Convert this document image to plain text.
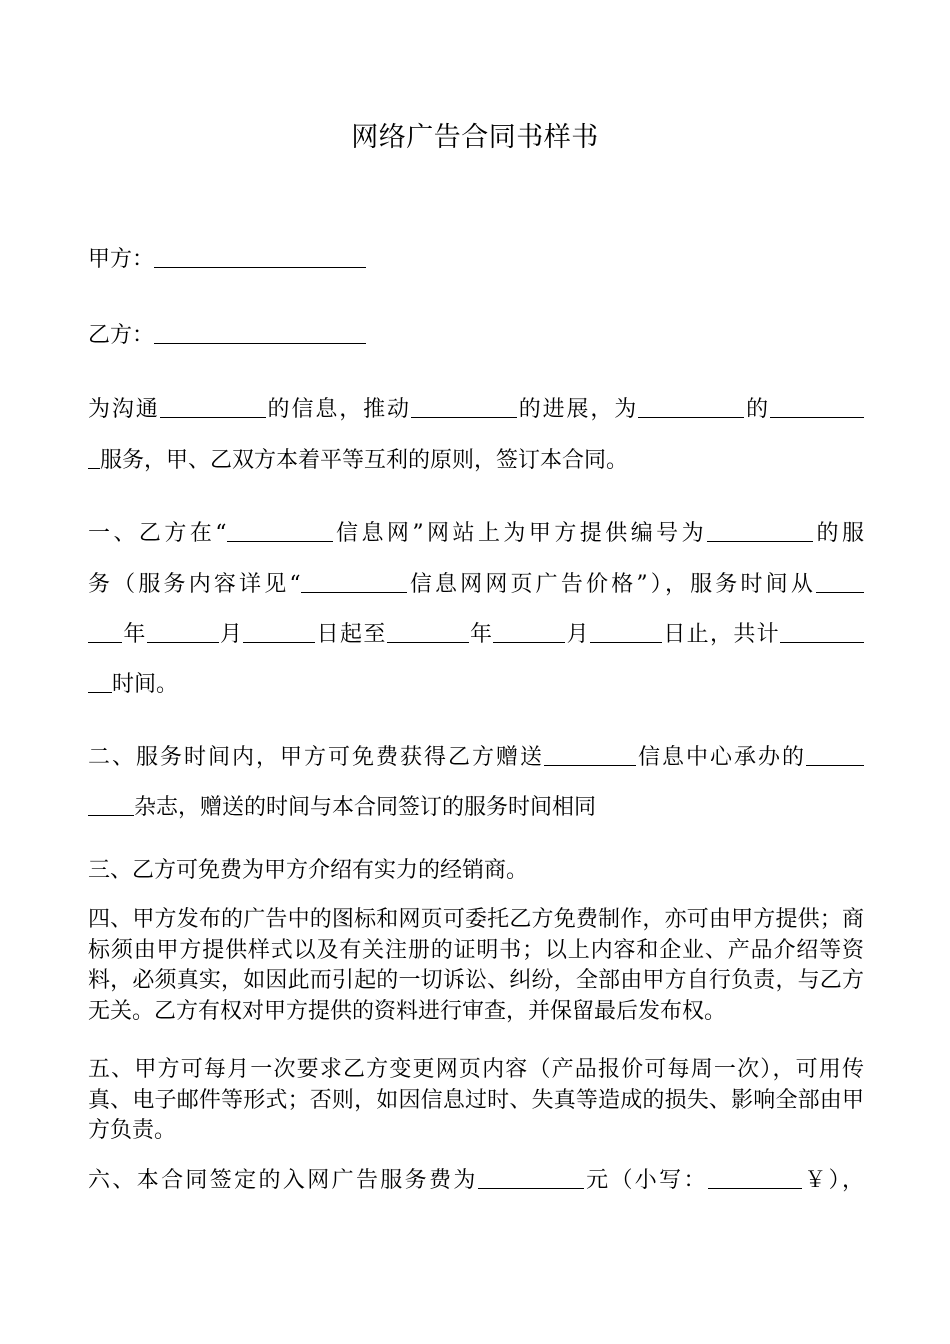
网络广告合同书样书
甲方：
乙方：
为沟通	的信息，推动	的进展，为	的
服务，甲、乙双方本着平等互利的原则，签订本合同。
一、乙方在“	信息网”网站上为甲方提供编号为	的服
务（服务内容详见“	信息网网页广告价格”），服务时间从
年	月	日起至	年	月	日止，共计
时间。
二、服务时间内，甲方可免费获得乙方赠送	信息中心承办的
杂志，赠送的时间与本合同签订的服务时间相同
三、乙方可免费为甲方介绍有实力的经销商。
四、甲方发布的广告中的图标和网页可委托乙方免费制作，亦可由甲方提供；商标须由甲方提供样式以及有关注册的证明书；以上内容和企业、产品介绍等资料，必须真实，如因此而引起的一切诉讼、纠纷，全部由甲方自行负责，与乙方无关。乙方有权对甲方提供的资料进行审查，并保留最后发布权。
五、甲方可每月一次要求乙方变更网页内容（产品报价可每周一次），可用传真、电子邮件等形式；否则，如因信息过时、失真等造成的损失、影响全部由甲方负责。
六、本合同签定的入网广告服务费为	元（小写：	￥），
